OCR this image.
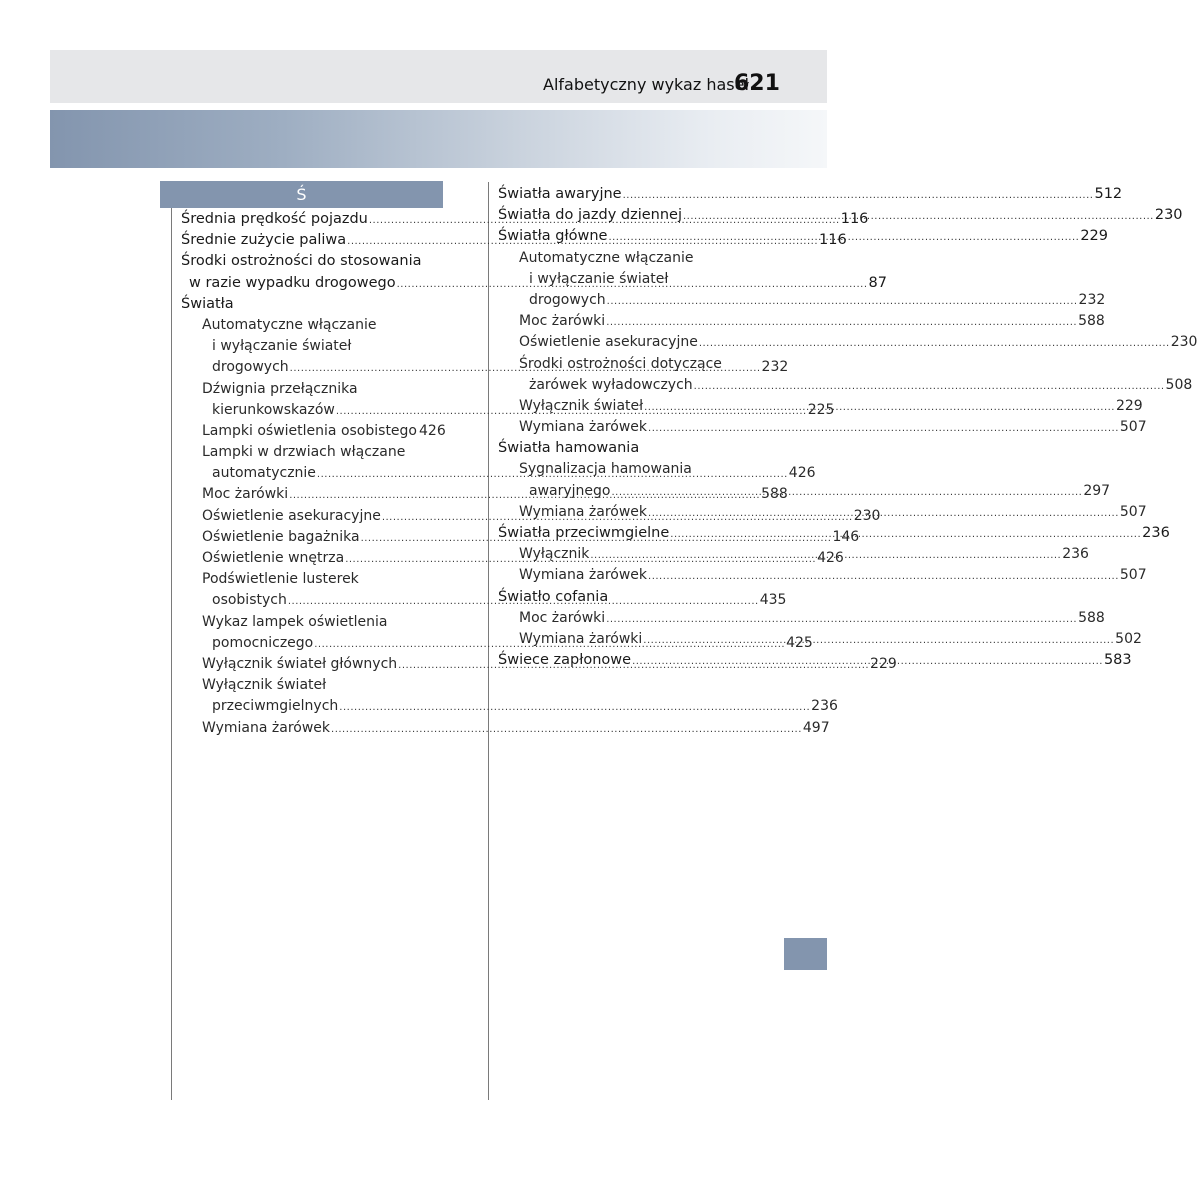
Alfabetyczny wykaz haseł
621
Ś
Średnia prędkość pojazdu .....	116
Średnie zużycie paliwa .....	116
Środki ostrożności do stosowania
w razie wypadku drogowego .....	87
Światła
Automatyczne włączanie
i wyłączanie świateł
drogowych .....	232
Dźwignia przełącznika
kierunkowskazów .....	225
Lampki oświetlenia osobistego 426
Lampki w drzwiach włączane
automatycznie .....	426
Moc żarówki .....	588
Oświetlenie asekuracyjne .....	230
Oświetlenie bagażnika .....	146
Oświetlenie wnętrza .....	426
Podświetlenie lusterek
osobistych .....	435
Wykaz lampek oświetlenia
pomocniczego .....	425
Wyłącznik świateł głównych .....	229
Wyłącznik świateł
przeciwmgielnych .....	236
Wymiana żarówek .....	497
Światła awaryjne .....	512
Światła do jazdy dziennej .....	230
Światła główne .....	229
Automatyczne włączanie
i wyłączanie świateł
drogowych .....	232
Moc żarówki .....	588
Oświetlenie asekuracyjne .....	230
Środki ostrożności dotyczące
żarówek wyładowczych .....	508
Wyłącznik świateł .....	229
Wymiana żarówek .....	507
Światła hamowania
Sygnalizacja hamowania
awaryjnego .....	297
Wymiana żarówek .....	507
Światła przeciwmgielne .....	236
Wyłącznik .....	236
Wymiana żarówek .....	507
Światło cofania
Moc żarówki .....	588
Wymiana żarówki .....	502
Świece zapłonowe .....	583
